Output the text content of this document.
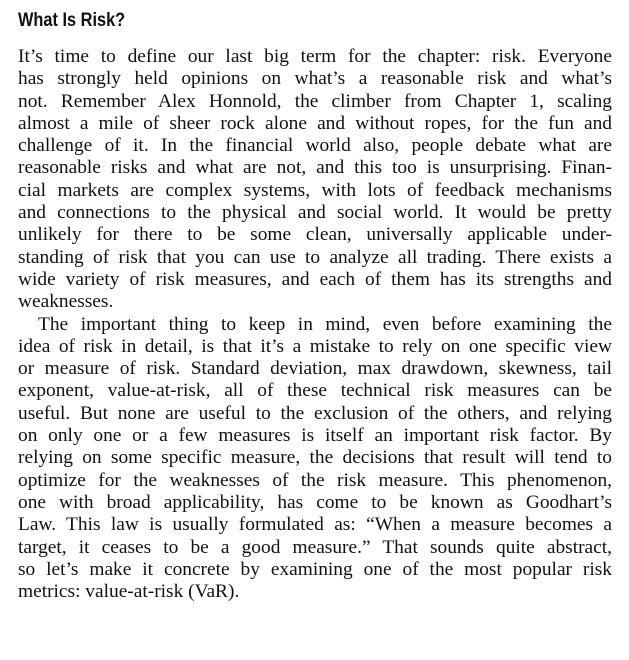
What Is Risk?
It’s time to define our last big term for the chapter: risk. Everyone
has strongly held opinions on what’s a reasonable risk and what’s
not. Remember Alex Honnold, the climber from Chapter 1, scaling
almost a mile of sheer rock alone and without ropes, for the fun and
challenge of it. In the financial world also, people debate what are
reasonable risks and what are not, and this too is unsurprising. Finan-
cial markets are complex systems, with lots of feedback mechanisms
and connections to the physical and social world. It would be pretty
unlikely for there to be some clean, universally applicable under-
standing of risk that you can use to analyze all trading. There exists a
wide variety of risk measures, and each of them has its strengths and
weaknesses.
The important thing to keep in mind, even before examining the
idea of risk in detail, is that it’s a mistake to rely on one specific view
or measure of risk. Standard deviation, max drawdown, skewness, tail
exponent, value-at-risk, all of these technical risk measures can be
useful. But none are useful to the exclusion of the others, and relying
on only one or a few measures is itself an important risk factor. By
relying on some specific measure, the decisions that result will tend to
optimize for the weaknesses of the risk measure. This phenomenon,
one with broad applicability, has come to be known as Goodhart’s
Law. This law is usually formulated as: “When a measure becomes a
target, it ceases to be a good measure.” That sounds quite abstract,
so let’s make it concrete by examining one of the most popular risk
metrics: value-at-risk (VaR).
